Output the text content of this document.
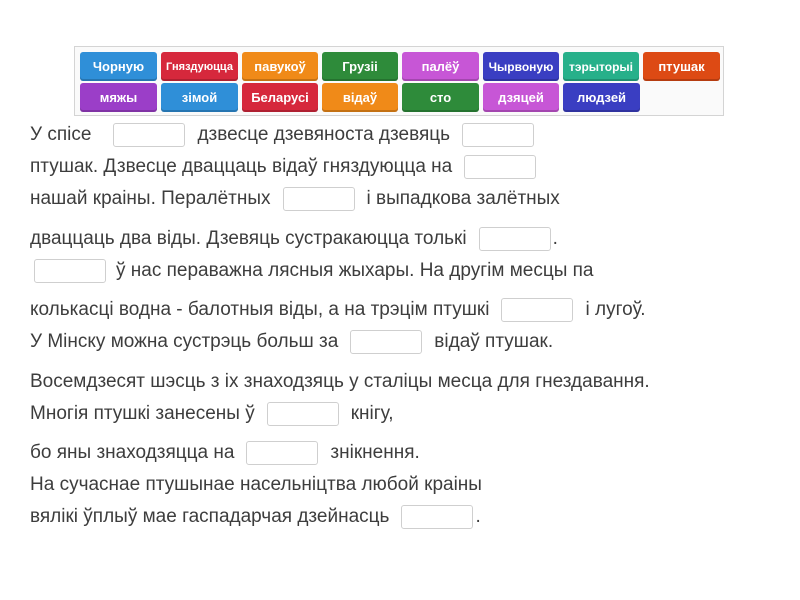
Чорную	Гняздуюцца	павукоў	Грузіі	палёў	Чырвоную	тэрыторыі	птушак
мяжы	зімой	Беларусі	відаў	сто	дзяцей	людзей
У спісе	дзвесце дзевяноста дзевяць
птушак. Дзвесце дваццаць відаў гняздуюцца на
нашай краіны. Пералётных	і выпадкова залётных
дваццаць два віды. Дзевяць сустракаюцца толькі	.
ў нас пераважна лясныя жыхары. На другім месцы па
колькасці водна - балотныя віды, а на трэцім птушкі	і лугоў.
У Мінску можна сустрэць больш за	відаў птушак.
Восемдзесят шэсць з іх знаходзяць у сталіцы месца для гнездавання.
Многія птушкі занесены ў	кнігу,
бо яны знаходзяцца на	знікнення.
На сучаснае птушынае насельніцтва любой краіны
вялікі ўплыў мае гаспадарчая дзейнасць	.
